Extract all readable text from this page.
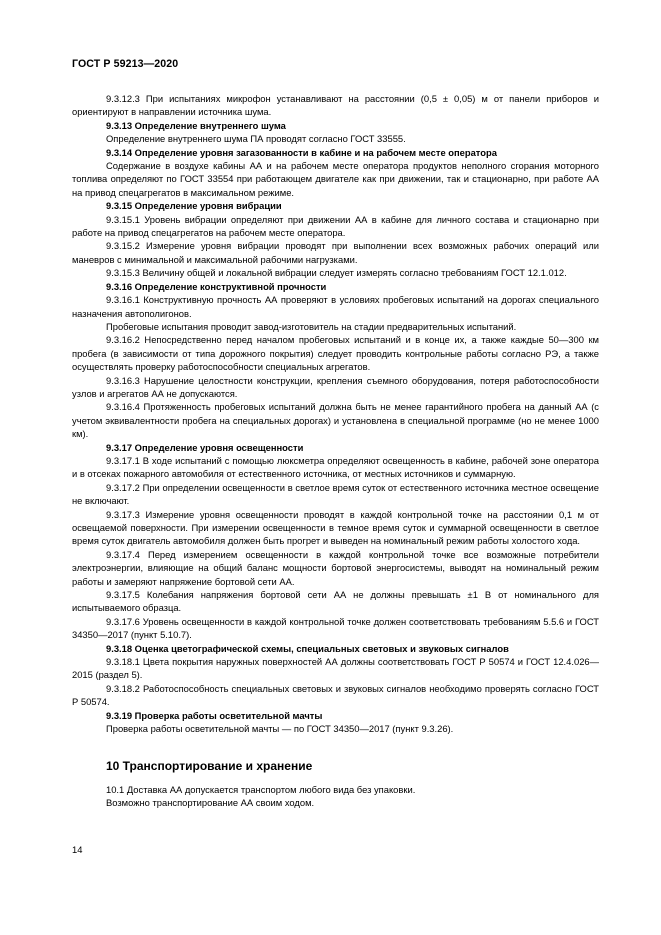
ГОСТ Р 59213—2020
9.3.12.3 При испытаниях микрофон устанавливают на расстоянии (0,5 ± 0,05) м от панели приборов и ориентируют в направлении источника шума.
9.3.13 Определение внутреннего шума
Определение внутреннего шума ПА проводят согласно ГОСТ 33555.
9.3.14 Определение уровня загазованности в кабине и на рабочем месте оператора
Содержание в воздухе кабины АА и на рабочем месте оператора продуктов неполного сгорания моторного топлива определяют по ГОСТ 33554 при работающем двигателе как при движении, так и стационарно, при работе АА на привод спецагрегатов в максимальном режиме.
9.3.15 Определение уровня вибрации
9.3.15.1 Уровень вибрации определяют при движении АА в кабине для личного состава и стационарно при работе на привод спецагрегатов на рабочем месте оператора.
9.3.15.2 Измерение уровня вибрации проводят при выполнении всех возможных рабочих операций или маневров с минимальной и максимальной рабочими нагрузками.
9.3.15.3 Величину общей и локальной вибрации следует измерять согласно требованиям ГОСТ 12.1.012.
9.3.16 Определение конструктивной прочности
9.3.16.1 Конструктивную прочность АА проверяют в условиях пробеговых испытаний на дорогах специального назначения автополигонов.
Пробеговые испытания проводит завод-изготовитель на стадии предварительных испытаний.
9.3.16.2 Непосредственно перед началом пробеговых испытаний и в конце их, а также каждые 50—300 км пробега (в зависимости от типа дорожного покрытия) следует проводить контрольные работы согласно РЭ, а также осуществлять проверку работоспособности специальных агрегатов.
9.3.16.3 Нарушение целостности конструкции, крепления съемного оборудования, потеря работоспособности узлов и агрегатов АА не допускаются.
9.3.16.4 Протяженность пробеговых испытаний должна быть не менее гарантийного пробега на данный АА (с учетом эквивалентности пробега на специальных дорогах) и установлена в специальной программе (но не менее 1000 км).
9.3.17 Определение уровня освещенности
9.3.17.1 В ходе испытаний с помощью люксметра определяют освещенность в кабине, рабочей зоне оператора и в отсеках пожарного автомобиля от естественного источника, от местных источников и суммарную.
9.3.17.2 При определении освещенности в светлое время суток от естественного источника местное освещение не включают.
9.3.17.3 Измерение уровня освещенности проводят в каждой контрольной точке на расстоянии 0,1 м от освещаемой поверхности. При измерении освещенности в темное время суток и суммарной освещенности в светлое время суток двигатель автомобиля должен быть прогрет и выведен на номинальный режим работы холостого хода.
9.3.17.4 Перед измерением освещенности в каждой контрольной точке все возможные потребители электроэнергии, влияющие на общий баланс мощности бортовой энергосистемы, выводят на номинальный режим работы и замеряют напряжение бортовой сети АА.
9.3.17.5 Колебания напряжения бортовой сети АА не должны превышать ±1 В от номинального для испытываемого образца.
9.3.17.6 Уровень освещенности в каждой контрольной точке должен соответствовать требованиям 5.5.6 и ГОСТ 34350—2017 (пункт 5.10.7).
9.3.18 Оценка цветографической схемы, специальных световых и звуковых сигналов
9.3.18.1 Цвета покрытия наружных поверхностей АА должны соответствовать ГОСТ Р 50574 и ГОСТ 12.4.026—2015 (раздел 5).
9.3.18.2 Работоспособность специальных световых и звуковых сигналов необходимо проверять согласно ГОСТ Р 50574.
9.3.19 Проверка работы осветительной мачты
Проверка работы осветительной мачты — по ГОСТ 34350—2017 (пункт 9.3.26).
10 Транспортирование и хранение
10.1 Доставка АА допускается транспортом любого вида без упаковки.
Возможно транспортирование АА своим ходом.
14
